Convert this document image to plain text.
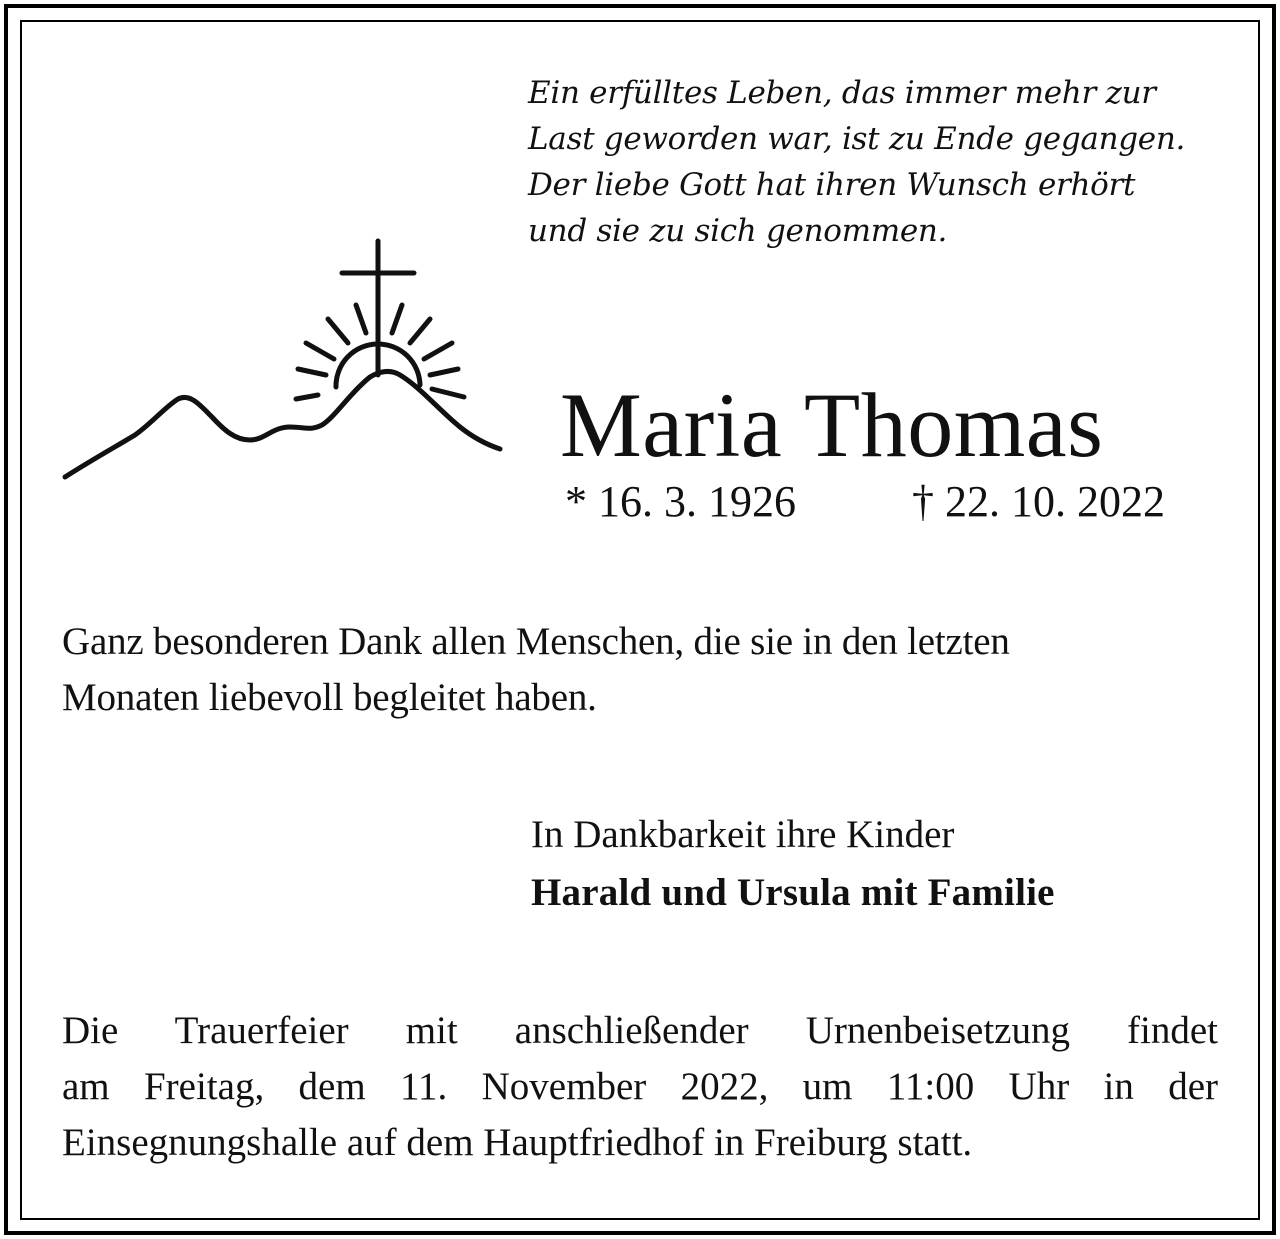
Ein erfülltes Leben, das immer mehr zur
Last geworden war, ist zu Ende gegangen.
Der liebe Gott hat ihren Wunsch erhört
und sie zu sich genommen.
Maria Thomas
* 16. 3. 1926	† 22. 10. 2022
Ganz besonderen Dank allen Menschen, die sie in den letzten
Monaten liebevoll begleitet haben.
In Dankbarkeit ihre Kinder
Harald und Ursula mit Familie
Die Trauerfeier mit anschließender Urnenbeisetzung findet
am Freitag, dem 11. November 2022, um 11:00 Uhr in der
Einsegnungshalle auf dem Hauptfriedhof in Freiburg statt.
